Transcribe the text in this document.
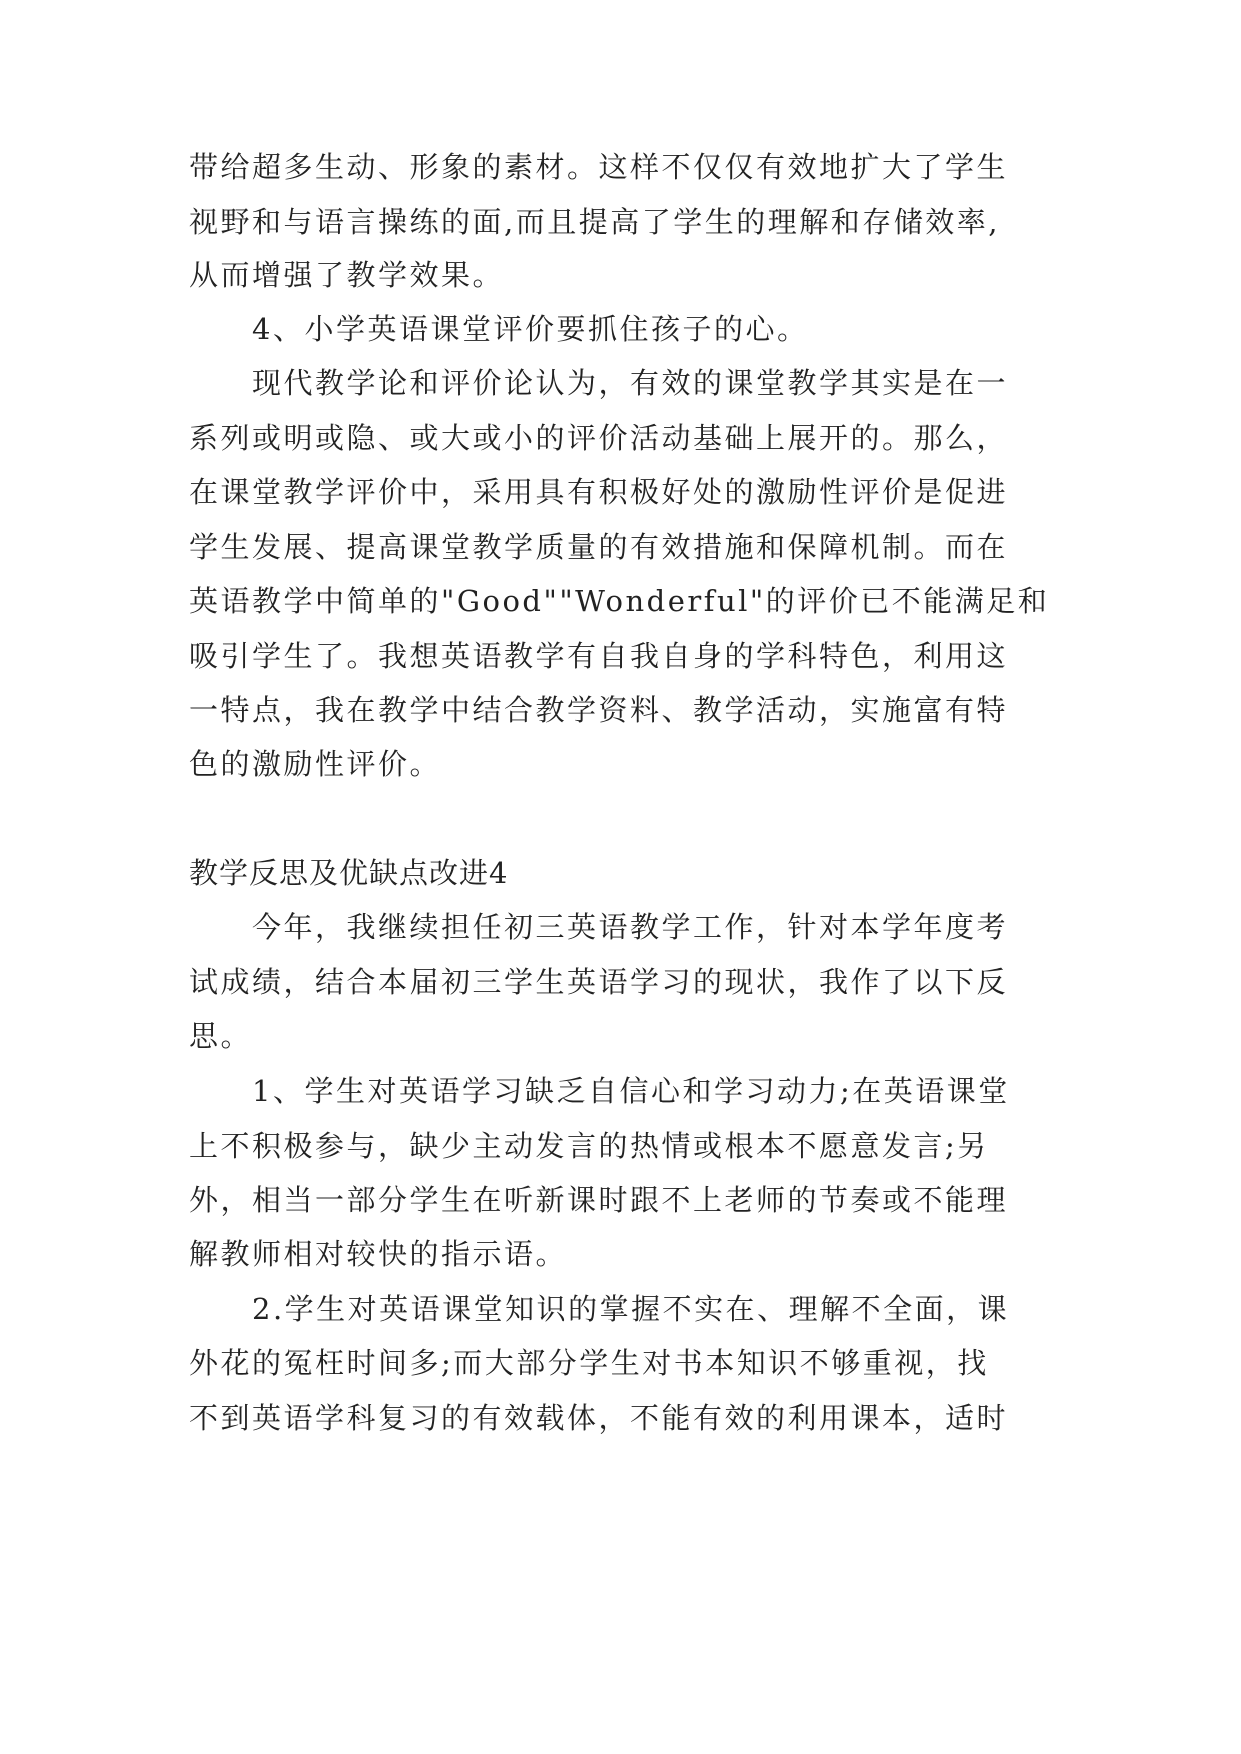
带给超多生动、形象的素材。这样不仅仅有效地扩大了学生

视野和与语言操练的面,而且提高了学生的理解和存储效率,

从而增强了教学效果。

4、小学英语课堂评价要抓住孩子的心。

现代教学论和评价论认为，有效的课堂教学其实是在一

系列或明或隐、或大或小的评价活动基础上展开的。那么，

在课堂教学评价中，采用具有积极好处的激励性评价是促进

学生发展、提高课堂教学质量的有效措施和保障机制。而在

英语教学中简单的"Good""Wonderful"的评价已不能满足和

吸引学生了。我想英语教学有自我自身的学科特色，利用这

一特点，我在教学中结合教学资料、教学活动，实施富有特

色的激励性评价。

教学反思及优缺点改进4

今年，我继续担任初三英语教学工作，针对本学年度考

试成绩，结合本届初三学生英语学习的现状，我作了以下反

思。

1、学生对英语学习缺乏自信心和学习动力;在英语课堂

上不积极参与，缺少主动发言的热情或根本不愿意发言;另

外，相当一部分学生在听新课时跟不上老师的节奏或不能理

解教师相对较快的指示语。

2.学生对英语课堂知识的掌握不实在、理解不全面，课

外花的冤枉时间多;而大部分学生对书本知识不够重视，找

不到英语学科复习的有效载体，不能有效的利用课本，适时
